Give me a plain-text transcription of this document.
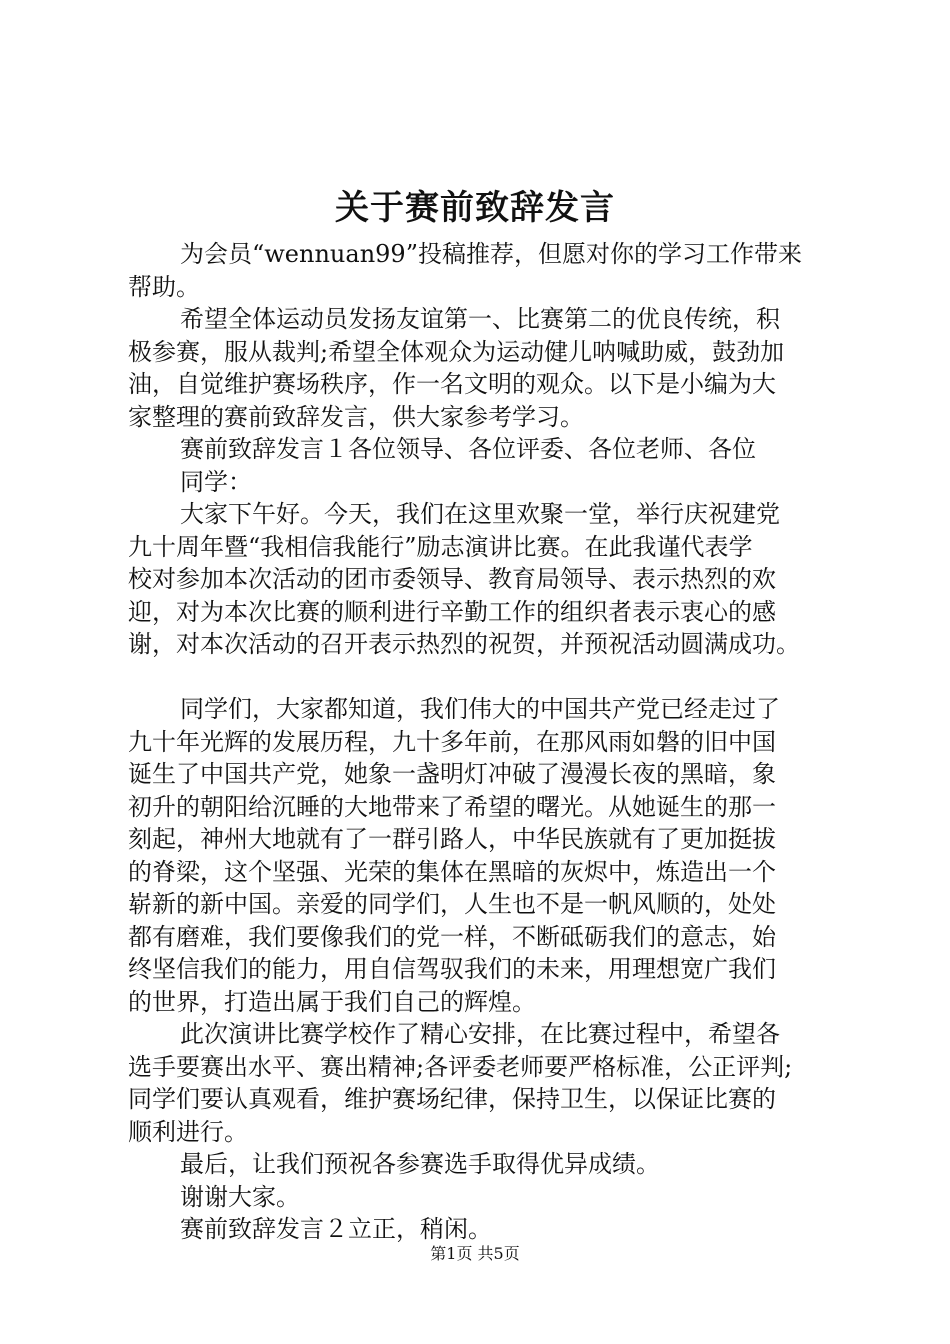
关于赛前致辞发言
为会员“wennuan99”投稿推荐，但愿对你的学习工作带来
帮助。
希望全体运动员发扬友谊第一、比赛第二的优良传统，积
极参赛，服从裁判;希望全体观众为运动健儿呐喊助威，鼓劲加
油，自觉维护赛场秩序，作一名文明的观众。以下是小编为大
家整理的赛前致辞发言，供大家参考学习。
赛前致辞发言１各位领导、各位评委、各位老师、各位
同学：
大家下午好。今天，我们在这里欢聚一堂，举行庆祝建党
九十周年暨“我相信我能行”励志演讲比赛。在此我谨代表学
校对参加本次活动的团市委领导、教育局领导、表示热烈的欢
迎，对为本次比赛的顺利进行辛勤工作的组织者表示衷心的感
谢，对本次活动的召开表示热烈的祝贺，并预祝活动圆满成功。
同学们，大家都知道，我们伟大的中国共产党已经走过了
九十年光辉的发展历程，九十多年前，在那风雨如磐的旧中国
诞生了中国共产党，她象一盏明灯冲破了漫漫长夜的黑暗，象
初升的朝阳给沉睡的大地带来了希望的曙光。从她诞生的那一
刻起，神州大地就有了一群引路人，中华民族就有了更加挺拔
的脊梁，这个坚强、光荣的集体在黑暗的灰烬中，炼造出一个
崭新的新中国。亲爱的同学们，人生也不是一帆风顺的，处处
都有磨难，我们要像我们的党一样，不断砥砺我们的意志，始
终坚信我们的能力，用自信驾驭我们的未来，用理想宽广我们
的世界，打造出属于我们自己的辉煌。
此次演讲比赛学校作了精心安排，在比赛过程中，希望各
选手要赛出水平、赛出精神;各评委老师要严格标准，公正评判;
同学们要认真观看，维护赛场纪律，保持卫生，以保证比赛的
顺利进行。
最后，让我们预祝各参赛选手取得优异成绩。
谢谢大家。
赛前致辞发言２立正，稍闲。
第1页 共5页
